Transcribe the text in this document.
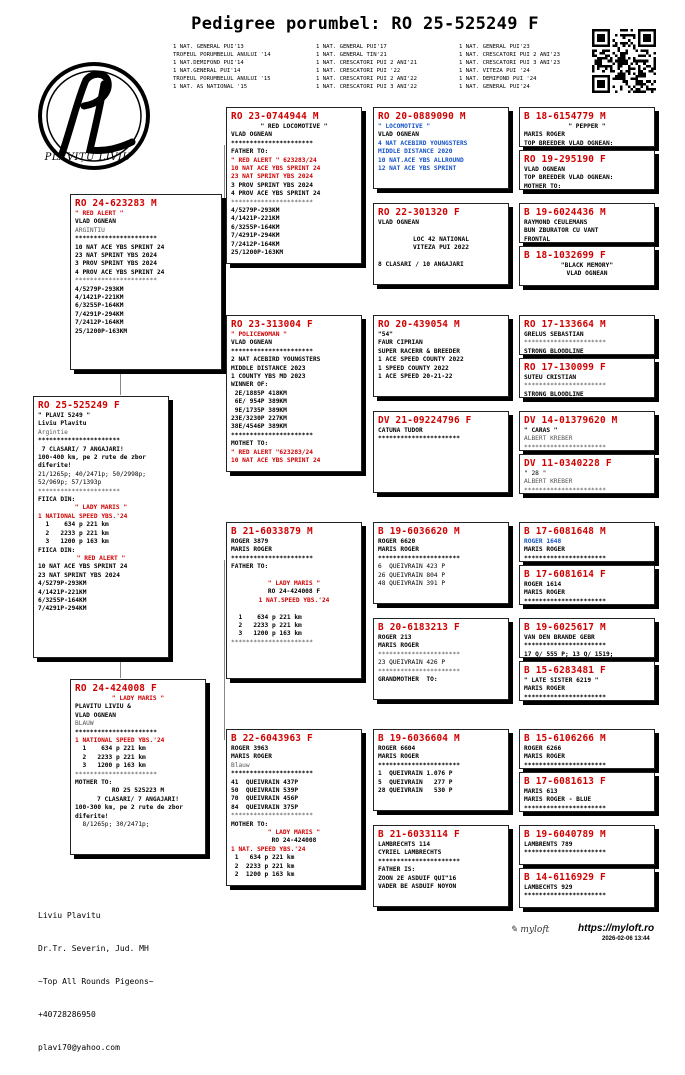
Pedigree porumbel: RO 25-525249 F
1 NAT. GENERAL PUI'13
TROFEUL PORUMBELUL ANULUI '14
1 NAT.DEMIFOND PUI'14
1 NAT.GENERAL PUI'14
TROFEUL PORUMBELUL ANULUI '15
1 NAT. AS NATIONAL '15
1 NAT. GENERAL PUI'17
1 NAT. GENERAL TIN'21
1 NAT. CRESCATORI PUI 2 ANI'21
1 NAT. CRESCATORI PUI '22
1 NAT. CRESCATORI PUI 2 ANI'22
1 NAT. CRESCATORI PUI 3 ANI'22
1 NAT. GENERAL PUI'23
1 NAT. CRESCATORI PUI 2 ANI'23
1 NAT. CRESCATORI PUI 3 ANI'23
1 NAT. VITEZA PUI '24
1 NAT. DEMIFOND PUI '24
1 NAT. GENERAL PUI'24
PLĂVIȚU LIVIU
RO 25-525249 F
" PLAVI 5249 "
Liviu Plavitu
Argintie
**********************
7 CLASARI/ 7 ANGAJARI!
100-400 km, pe 2 rute de zbor
diferite!
21/1265p; 40/2471p; 50/2998p;
52/969p; 57/1393p
**********************
FIICA DIN:
" LADY MARIS "
1 NATIONAL SPEED YBS.'24
1    634 p 221 km
2   2233 p 221 km
3   1200 p 163 km
FIICA DIN:
" RED ALERT "
10 NAT ACE YBS SPRINT 24
23 NAT SPRINT YBS 2024
4/5279P-293KM
4/1421P-221KM
6/3255P-164KM
7/4291P-294KM
RO 24-623283 M
" RED ALERT "
VLAD OGNEAN
ARGINTIU
**********************
10 NAT ACE YBS SPRINT 24
23 NAT SPRINT YBS 2024
3 PROV SPRINT YBS 2024
4 PROV ACE YBS SPRINT 24
**********************
4/5279P-293KM
4/1421P-221KM
6/3255P-164KM
7/4291P-294KM
7/2412P-164KM
25/1200P-163KM
RO 24-424008 F
" LADY MARIS "
PLAVITU LIVIU &
VLAD OGNEAN
BLAUW
**********************
1 NATIONAL SPEED YBS.'24
1    634 p 221 km
2   2233 p 221 km
3   1200 p 163 km
**********************
MOTHER TO:
RO 25 525223 M
7 CLASARI/ 7 ANGAJARI!
100-300 km, pe 2 rute de zbor
diferite!
8/1265p; 30/2471p;
RO 23-0744944 M
" RED LOCOMOTIVE "
VLAD OGNEAN
**********************
FATHER TO:
" RED ALERT " 623283/24
10 NAT ACE YBS SPRINT 24
23 NAT SPRINT YBS 2024
3 PROV SPRINT YBS 2024
4 PROV ACE YBS SPRINT 24
**********************
4/5279P-293KM
4/1421P-221KM
6/3255P-164KM
7/4291P-294KM
7/2412P-164KM
25/1200P-163KM
RO 23-313004 F
" POLICEWOMAN "
VLAD OGNEAN
**********************
2 NAT ACEBIRD YOUNGSTERS
MIDDLE DISTANCE 2023
1 COUNTY YBS MD 2023
WINNER OF:
2E/1885P 418KM
6E/ 954P 389KM
9E/1735P 389KM
23E/3230P 227KM
38E/4546P 389KM
**********************
MOTHET TO:
" RED ALERT "623283/24
10 NAT ACE YBS SPRINT 24
B 21-6033879 M
ROGER 3879
MARIS ROGER
**********************
FATHER TO:

" LADY MARIS "
RO 24-424008 F
1 NAT.SPEED YBS.'24

1    634 p 221 km
2   2233 p 221 km
3   1200 p 163 km
**********************
B 22-6043963 F
ROGER 3963
MARIS ROGER
Blauw
**********************
41  QUEIVRAIN 437P
50  QUEIVRAIN 539P
70  QUEIVRAIN 456P
84  QUEIVRAIN 375P
**********************
MOTHER TO:
" LADY MARIS "
RO 24-424008
1 NAT. SPEED YBS.'24
1   634 p 221 km
2  2233 p 221 km
2  1200 p 163 km
RO 20-0889090 M
" LOCOMOTIVE "
VLAD OGNEAN
4 NAT ACEBIRD YOUNGSTERS
MIDDLE DISTANCE 2020
10 NAT.ACE YBS ALLROUND
12 NAT ACE YBS SPRINT
RO 22-301320 F
VLAD OGNEAN

LOC 42 NATIONAL
VITEZA PUI 2022

8 CLASARI / 10 ANGAJARI
RO 20-439054 M
"54"
FAUR CIPRIAN
SUPER RACERR & BREEDER
1 ACE SPEED COUNTY 2022
1 SPEED COUNTY 2022
1 ACE SPEED 20-21-22
DV 21-09224796 F
CATUNA TUDOR
**********************
B 19-6036620 M
ROGER 6620
MARIS ROGER
**********************
6  QUEIVRAIN 423 P
26 QUEIVRAIN 804 P
48 QUEIVRAIN 391 P
B 20-6183213 F
ROGER 213
MARIS ROGER
**********************
23 QUEIVRAIN 426 P
**********************
GRANDMOTHER  TO:
B 19-6036604 M
ROGER 6604
MARIS ROGER
**********************
1  QUEIVRAIN 1.076 P
5  QUEIVRAIN   277 P
28 QUEIVRAIN   530 P
B 21-6033114 F
LAMBRECHTS 114
CYRIEL LAMBRECHTS
**********************
FATHER IS:
ZOON 2E ASDUIF QUI"16
VADER BE ASDUIF NOYON
B 18-6154779 M
" PEPPER "
MARIS ROGER
TOP BREEDER VLAD OGNEAN:
RO 19-295190 F
VLAD OGNEAN
TOP BREEDER VLAD OGNEAN:
MOTHER TO:
B 19-6024436 M
RAYMOND CEULEMANS
BUN ZBURATOR CU VANT
FRONTAL
B 18-1032699 F
"BLACK MEMORY"
VLAD OGNEAN
RO 17-133664 M
GRELUS SEBASTIAN
**********************
STRONG BLOODLINE
RO 17-130099 F
SUTEU CRISTIAN
**********************
STRONG BLOODLINE
DV 14-01379620 M
" CARAS "
ALBERT KREBER
**********************
DV 11-0340228 F
" 28 "
ALBERT KREBER
**********************
B 17-6081648 M
ROGER 1648
MARIS ROGER
**********************
B 17-6081614 F
ROGER 1614
MARIS ROGER
**********************
B 19-6025617 M
VAN DEN BRANDE GEBR
**********************
17 Q/ 555 P; 13 Q/ 1519;
B 15-6283481 F
" LATE SISTER 6219 "
MARIS ROGER
**********************
B 15-6106266 M
ROGER 6266
MARIS ROGER
**********************
B 17-6081613 F
MARIS 613
MARIS ROGER - BLUE
**********************
B 19-6040789 M
LAMBRENTS 789
**********************
B 14-6116929 F
LAMBECHTS 929
**********************

Liviu Plavitu

Dr.Tr. Severin, Jud. MH

~Top All Rounds Pigeons~

+40728286950

plavi70@yahoo.com

✎ myloft	https://myloft.ro
2026-02-06 13:44
